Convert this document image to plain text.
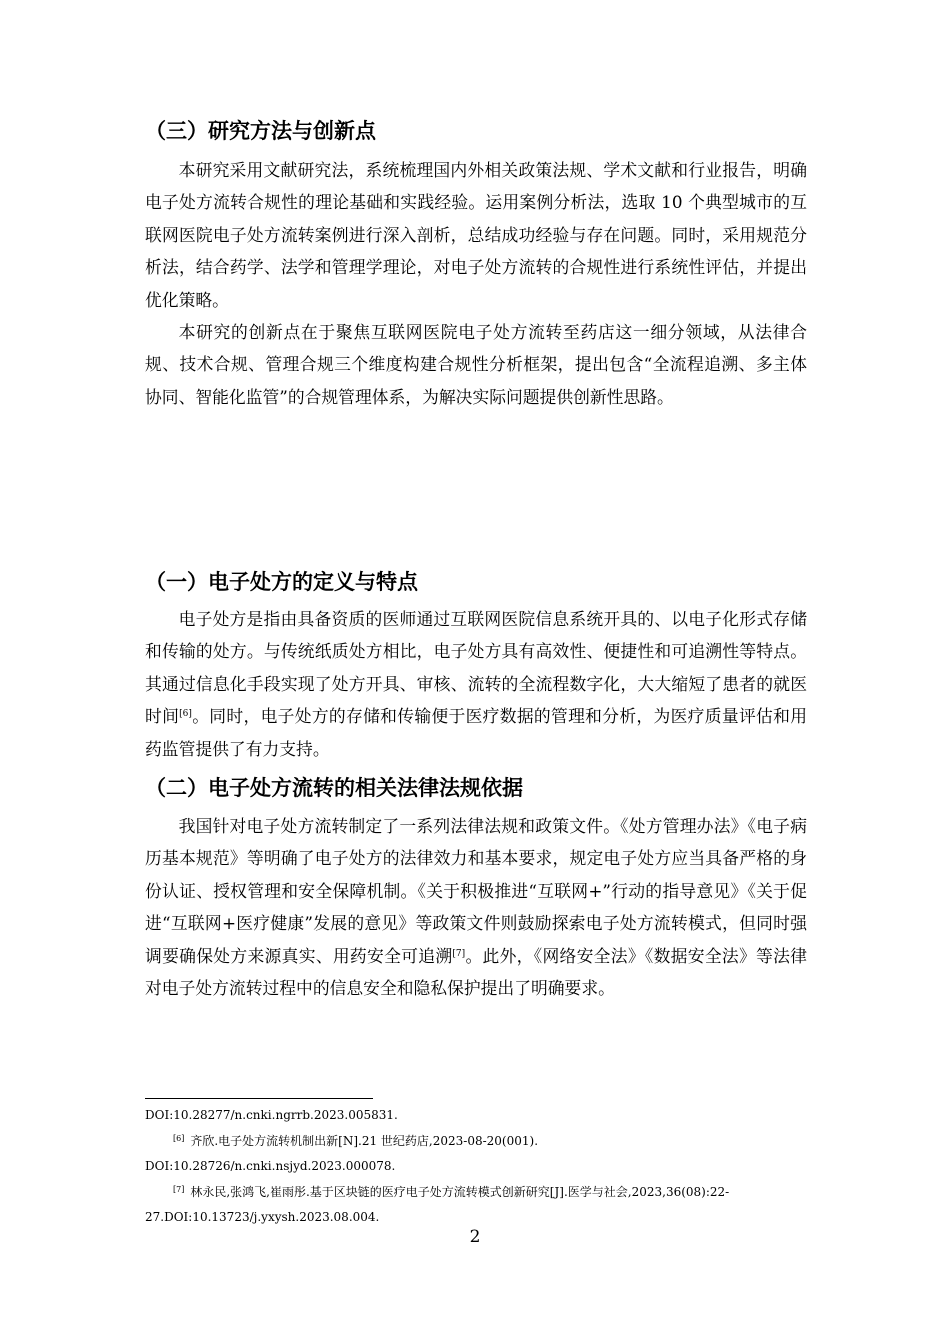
（三）研究方法与创新点

本研究采用文献研究法，系统梳理国内外相关政策法规、学术文献和行业报告，明确电子处方流转合规性的理论基础和实践经验。运用案例分析法，选取 10 个典型城市的互联网医院电子处方流转案例进行深入剖析，总结成功经验与存在问题。同时，采用规范分析法，结合药学、法学和管理学理论，对电子处方流转的合规性进行系统性评估，并提出优化策略。

本研究的创新点在于聚焦互联网医院电子处方流转至药店这一细分领域，从法律合规、技术合规、管理合规三个维度构建合规性分析框架，提出包含“全流程追溯、多主体协同、智能化监管”的合规管理体系，为解决实际问题提供创新性思路。

（一）电子处方的定义与特点

电子处方是指由具备资质的医师通过互联网医院信息系统开具的、以电子化形式存储和传输的处方。与传统纸质处方相比，电子处方具有高效性、便捷性和可追溯性等特点。其通过信息化手段实现了处方开具、审核、流转的全流程数字化，大大缩短了患者的就医时间[6]。同时，电子处方的存储和传输便于医疗数据的管理和分析，为医疗质量评估和用药监管提供了有力支持。

（二）电子处方流转的相关法律法规依据

我国针对电子处方流转制定了一系列法律法规和政策文件。《处方管理办法》《电子病历基本规范》等明确了电子处方的法律效力和基本要求，规定电子处方应当具备严格的身份认证、授权管理和安全保障机制。《关于积极推进“互联网+”行动的指导意见》《关于促进“互联网+医疗健康”发展的意见》等政策文件则鼓励探索电子处方流转模式，但同时强调要确保处方来源真实、用药安全可追溯[7]。此外，《网络安全法》《数据安全法》等法律对电子处方流转过程中的信息安全和隐私保护提出了明确要求。

DOI:10.28277/n.cnki.ngrrb.2023.005831.

[6] 齐欣.电子处方流转机制出新[N].21 世纪药店,2023-08-20(001).

DOI:10.28726/n.cnki.nsjyd.2023.000078.

[7] 林永民,张鸿飞,崔雨彤.基于区块链的医疗电子处方流转模式创新研究[J].医学与社会,2023,36(08):22-

27.DOI:10.13723/j.yxysh.2023.08.004.

2
